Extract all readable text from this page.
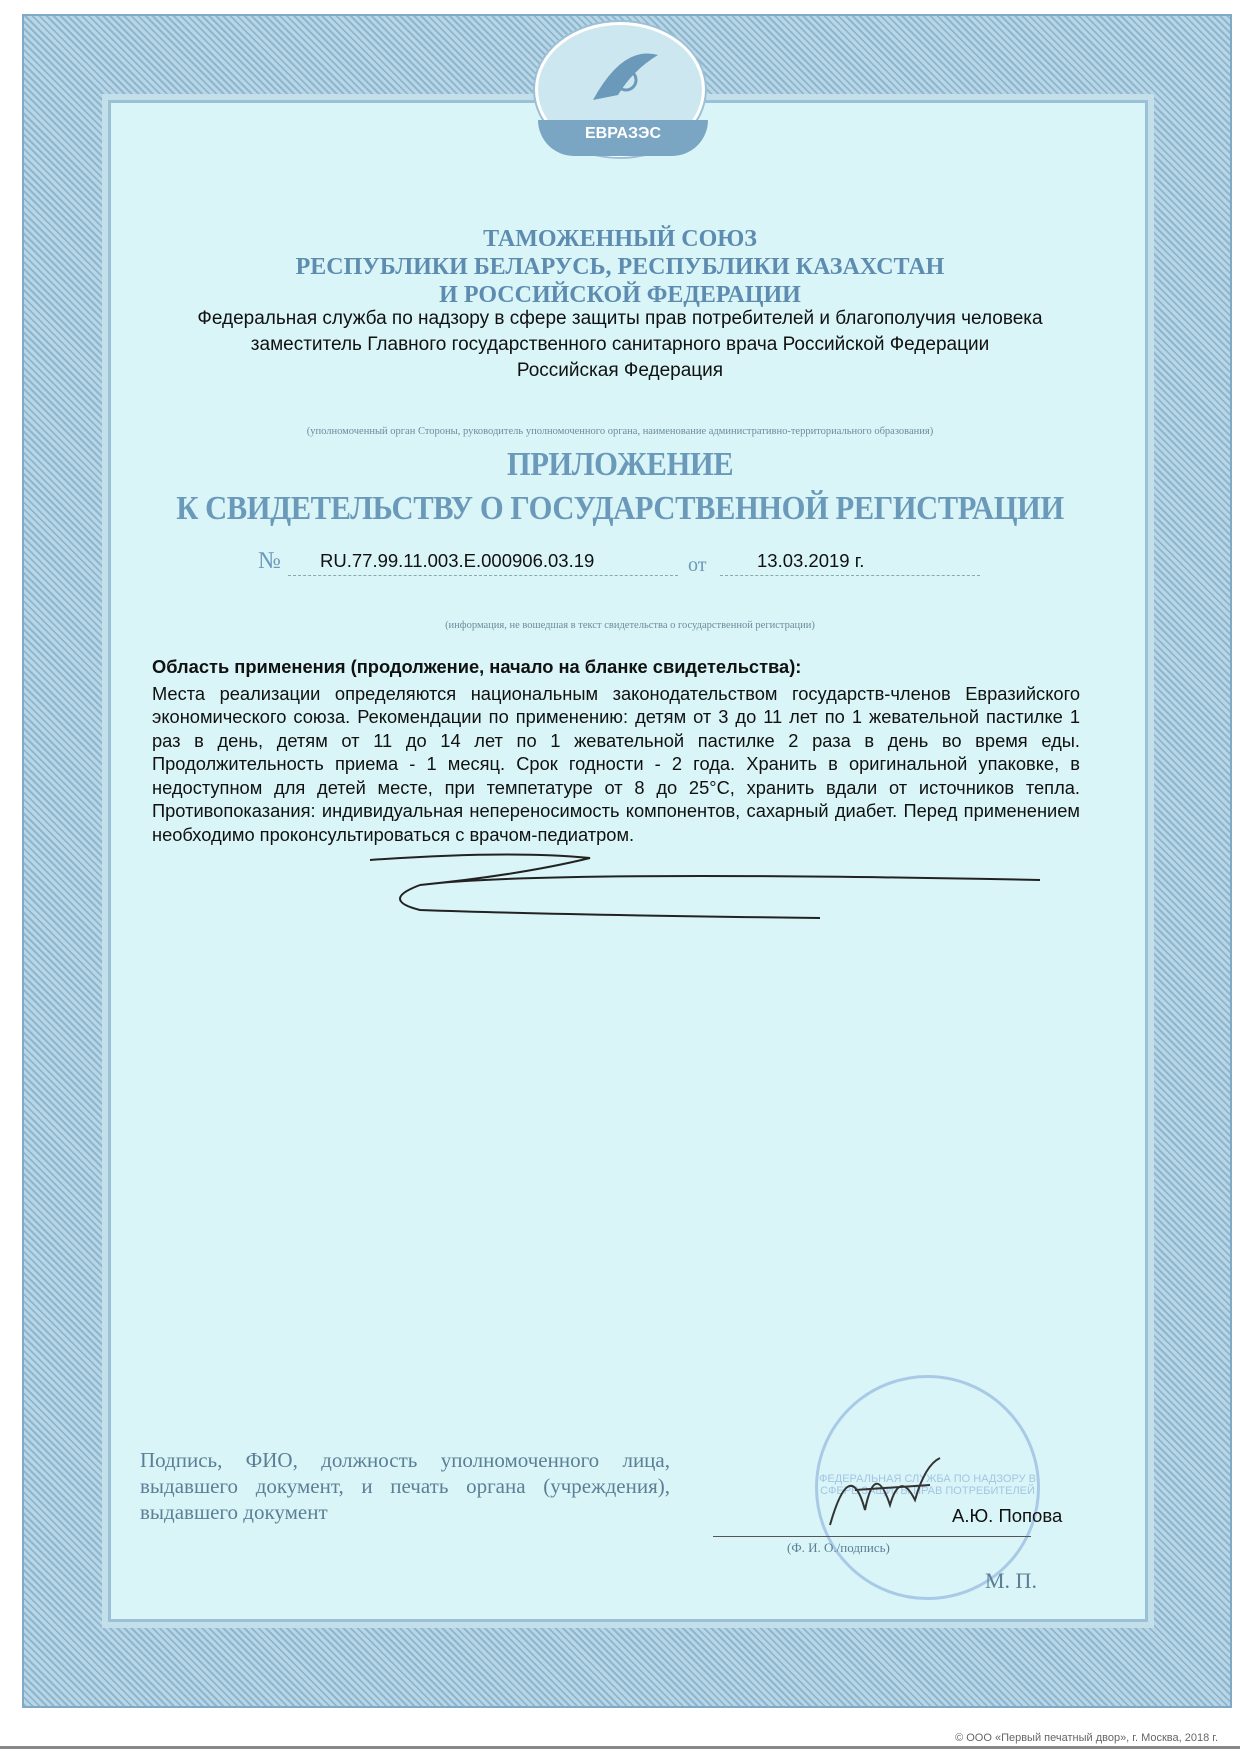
ЕВРАЗЭС
ТАМОЖЕННЫЙ СОЮЗ
РЕСПУБЛИКИ БЕЛАРУСЬ, РЕСПУБЛИКИ КАЗАХСТАН
И РОССИЙСКОЙ ФЕДЕРАЦИИ
Федеральная служба по надзору в сфере защиты прав потребителей и благополучия человека
заместитель Главного государственного санитарного врача Российской Федерации
Российская Федерация
(уполномоченный орган Стороны, руководитель уполномоченного органа, наименование административно-территориального образования)
ПРИЛОЖЕНИЕ
К СВИДЕТЕЛЬСТВУ О ГОСУДАРСТВЕННОЙ РЕГИСТРАЦИИ
№ RU.77.99.11.003.E.000906.03.19	от	13.03.2019 г.
(информация, не вошедшая в текст свидетельства о государственной регистрации)
Область применения (продолжение, начало на бланке свидетельства):
Места реализации определяются национальным законодательством государств-членов Евразийского экономического союза. Рекомендации по применению: детям от 3 до 11 лет по 1 жевательной пастилке 1 раз в день, детям от 11 до 14 лет по 1 жевательной пастилке 2 раза в день во время еды. Продолжительность приема - 1 месяц. Срок годности - 2 года. Хранить в оригинальной упаковке, в недоступном для детей месте, при темпетатуре от 8 до 25°С, хранить вдали от источников тепла. Противопоказания: индивидуальная непереносимость компонентов, сахарный диабет. Перед применением необходимо проконсультироваться с врачом-педиатром.
Подпись, ФИО, должность уполномоченного лица, выдавшего документ, и печать органа (учреждения), выдавшего документ
ФЕДЕРАЛЬНАЯ СЛУЖБА ПО НАДЗОРУ В СФЕРЕ ЗАЩИТЫ ПРАВ ПОТРЕБИТЕЛЕЙ
А.Ю. Попова
(Ф. И. О./подпись)
М. П.
© ООО «Первый печатный двор», г. Москва, 2018 г.
